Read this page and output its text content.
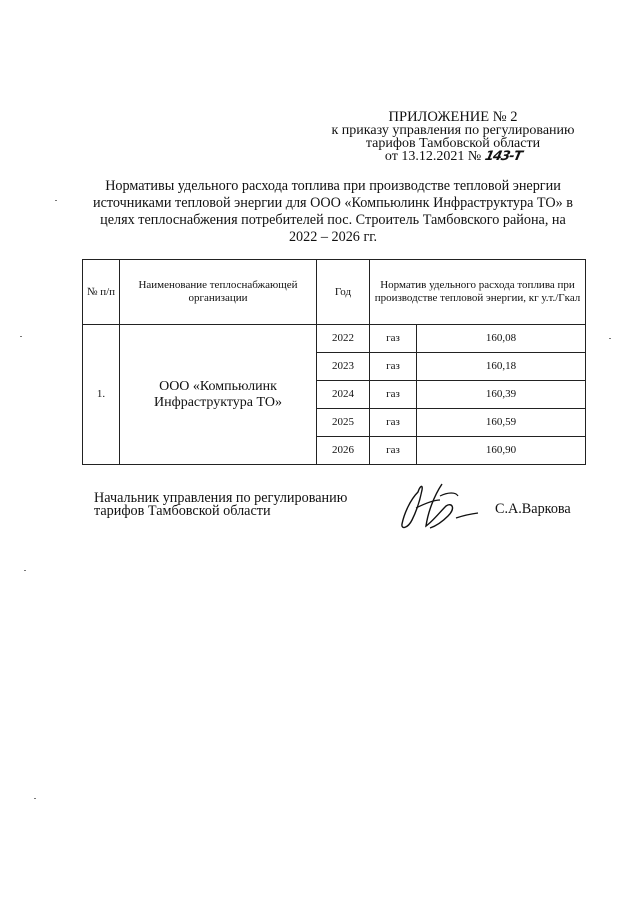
ПРИЛОЖЕНИЕ № 2
к приказу управления по регулированию
тарифов Тамбовской области
от 13.12.2021 № 143-Т
Нормативы удельного расхода топлива при производстве тепловой энергии источниками тепловой энергии для ООО «Компьюлинк Инфраструктура ТО» в целях теплоснабжения потребителей пос. Строитель Тамбовского района, на 2022 – 2026 гг.
№ п/п	Наименование теплоснабжающей организации	Год	Норматив удельного расхода топлива при производстве тепловой энергии, кг у.т./Гкал	
1.	ООО «Компьюлинк Инфраструктура ТО»	2022	газ	160,08
		2023	газ	160,18
		2024	газ	160,39
		2025	газ	160,59
		2026	газ	160,90
Начальник управления по регулированию
тарифов Тамбовской области	С.А.Варкова
